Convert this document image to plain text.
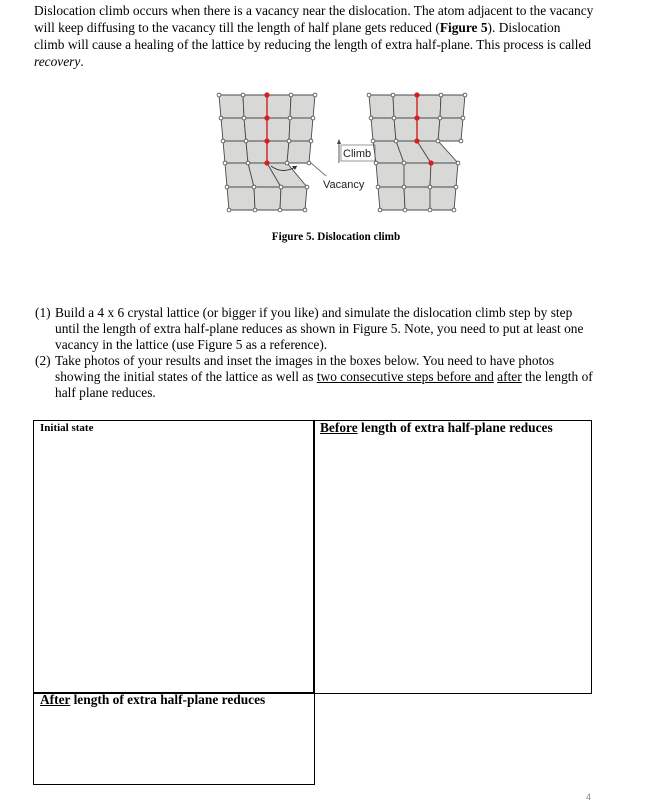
Dislocation climb occurs when there is a vacancy near the dislocation. The atom adjacent to the vacancy will keep diffusing to the vacancy till the length of half plane gets reduced (Figure 5). Dislocation climb will cause a healing of the lattice by reducing the length of extra half-plane. This process is called recovery.

Climb
Vacancy
Figure 5. Dislocation climb
(1) Build a 4 x 6 crystal lattice (or bigger if you like) and simulate the dislocation climb step by step until the length of extra half-plane reduces as shown in Figure 5. Note, you need to put at least one vacancy in the lattice (use Figure 5 as a reference).
(2) Take photos of your results and inset the images in the boxes below. You need to have photos showing the initial states of the lattice as well as two consecutive steps before and after the length of half plane reduces.
Initial state	Before length of extra half-plane reduces
After length of extra half-plane reduces
4
